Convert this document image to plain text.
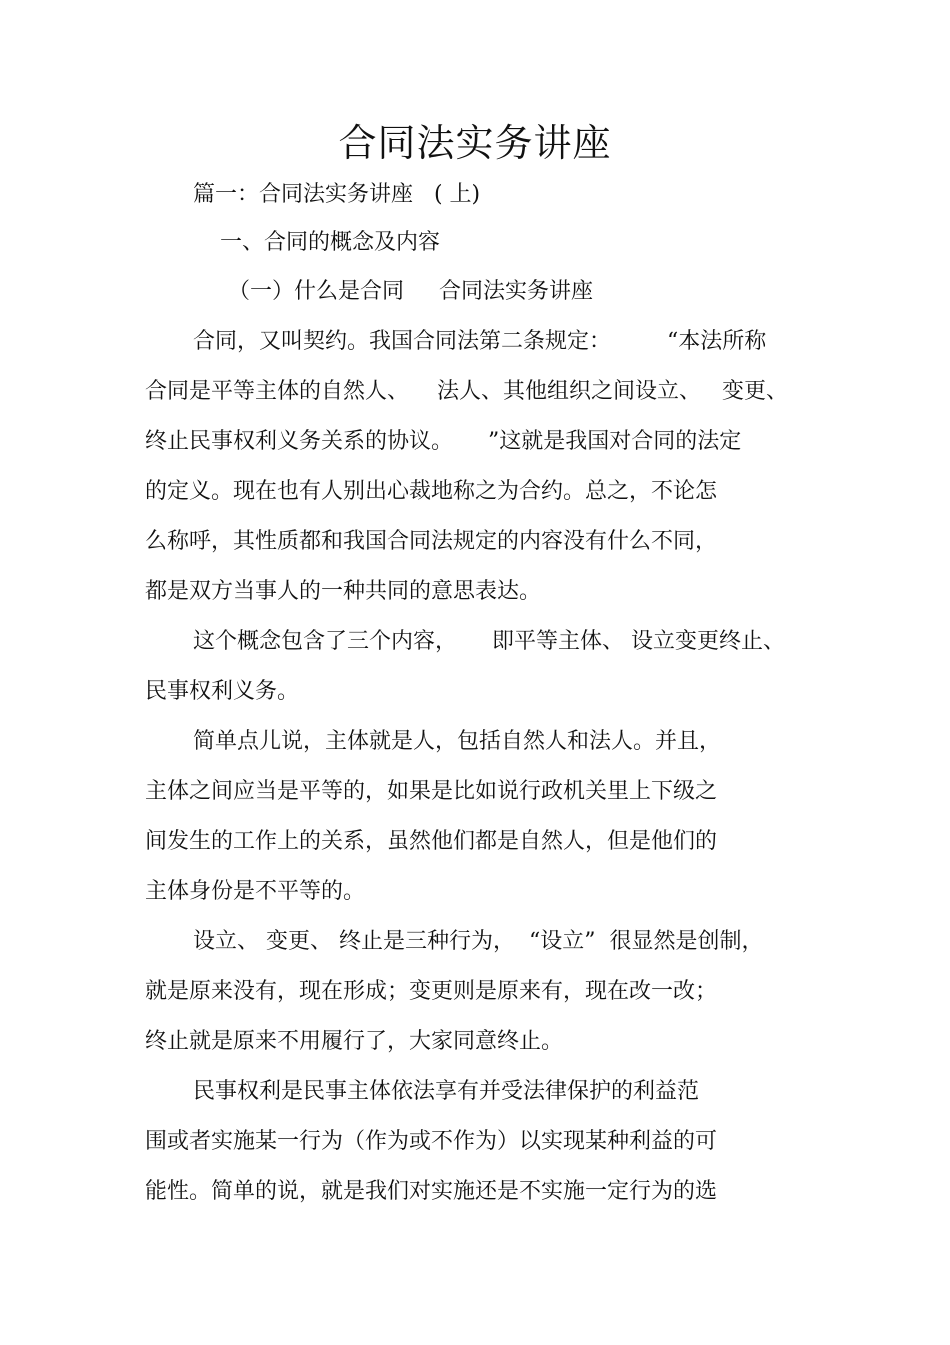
合同法实务讲座
篇一：合同法实务讲座   ( 上)
一、合同的概念及内容
（一）什么是合同     合同法实务讲座
合同，又叫契约。我国合同法第二条规定：        “本法所称
合同是平等主体的自然人、    法人、其他组织之间设立、   变更、
终止民事权利义务关系的协议。     ”这就是我国对合同的法定
的定义。现在也有人别出心裁地称之为合约。总之，不论怎
么称呼，其性质都和我国合同法规定的内容没有什么不同，
都是双方当事人的一种共同的意思表达。
这个概念包含了三个内容，     即平等主体、 设立变更终止、
民事权利义务。
简单点儿说，主体就是人，包括自然人和法人。并且，
主体之间应当是平等的，如果是比如说行政机关里上下级之
间发生的工作上的关系，虽然他们都是自然人，但是他们的
主体身份是不平等的。
设立、 变更、 终止是三种行为，  “设立”  很显然是创制，
就是原来没有，现在形成；变更则是原来有，现在改一改；
终止就是原来不用履行了，大家同意终止。
民事权利是民事主体依法享有并受法律保护的利益范
围或者实施某一行为（作为或不作为）以实现某种利益的可
能性。简单的说，就是我们对实施还是不实施一定行为的选
